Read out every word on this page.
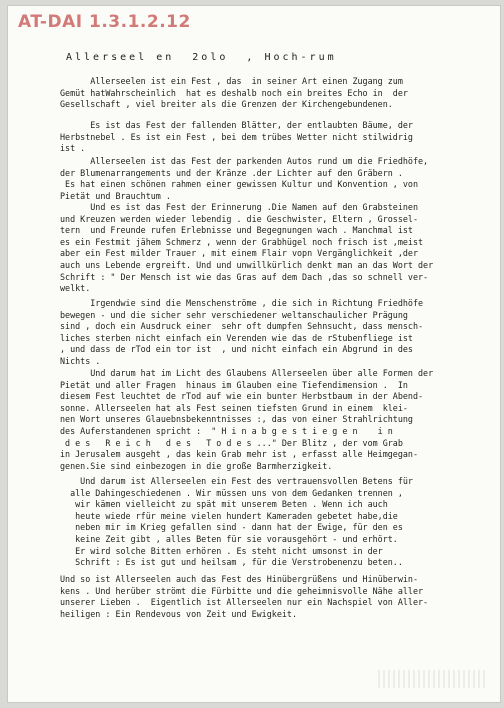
AT-DAI 1.3.1.2.12
Allerseel en  2olo  , Hoch-rum

Allerseelen ist ein Fest , das  in seiner Art einen Zugang zum
Gemüt hatWahrscheinlich  hat es deshalb noch ein breites Echo in  der
Gesellschaft , viel breiter als die Grenzen der Kirchengebundenen.

Es ist das Fest der fallenden Blätter, der entlaubten Bäume, der
Herbstnebel . Es ist ein Fest , bei dem trübes Wetter nicht stilwidrig
ist .

Allerseelen ist das Fest der parkenden Autos rund um die Friedhöfe,
der Blumenarrangements und der Kränze .der Lichter auf den Gräbern .
Es hat einen schönen rahmen einer gewissen Kultur und Konvention , von
Pietät und Brauchtum .

Und es ist das Fest der Erinnerung .Die Namen auf den Grabsteinen
und Kreuzen werden wieder lebendig . die Geschwister, Eltern , Grossel-
tern  und Freunde rufen Erlebnisse und Begegnungen wach . Manchmal ist
es ein Festmit jähem Schmerz , wenn der Grabhügel noch frisch ist ,meist
aber ein Fest milder Trauer , mit einem Flair vopn Vergänglichkeit ,der
auch uns Lebende ergreift. Und und unwillkürlich denkt man an das Wort der
Schrift : " Der Mensch ist wie das Gras auf dem Dach ,das so schnell ver-
welkt.

Irgendwie sind die Menschenströme , die sich in Richtung Friedhöfe
bewegen - und die sicher sehr verschiedener weltanschaulicher Prägung
sind , doch ein Ausdruck einer  sehr oft dumpfen Sehnsucht, dass mensch-
liches sterben nicht einfach ein Verenden wie das de rStubenfliege ist
, und dass de rTod ein tor ist  , und nicht einfach ein Abgrund in des
Nichts .

Und darum hat im Licht des Glaubens Allerseelen über alle Formen der
Pietät und aller Fragen  hinaus im Glauben eine Tiefendimension .  In
diesem Fest leuchtet de rTod auf wie ein bunter Herbstbaum in der Abend-
sonne. Allerseelen hat als Fest seinen tiefsten Grund in einem  klei-
nen Wort unseres Glauebnsbekenntnisses :, das von einer Strahlrichtung
des Auferstandenen spricht :  " H i n a b g e s t i e g e n    i n
d e s   R e i c h   d e s   T o d e s ..." Der Blitz , der vom Grab
in Jerusalem ausgeht , das kein Grab mehr ist , erfasst alle Heimgegan-
genen.Sie sind einbezogen in die große Barmherzigkeit.

Und darum ist Allerseelen ein Fest des vertrauensvollen Betens für
alle Dahingeschiedenen . Wir müssen uns von dem Gedanken trennen ,
wir kämen vielleicht zu spät mit unserem Beten . Wenn ich auch
heute wiede rfür meine vielen hundert Kameraden gebetet habe,die
neben mir im Krieg gefallen sind - dann hat der Ewige, für den es
keine Zeit gibt , alles Beten für sie vorausgehört - und erhört.
Er wird solche Bitten erhören . Es steht nicht umsonst in der
Schrift : Es ist gut und heilsam , für die Verstrobenenzu beten..

Und so ist Allerseelen auch das Fest des Hinübergrüßens und Hinüberwin-
kens . Und herüber strömt die Fürbitte und die geheimnisvolle Nähe aller
unserer Lieben .  Eigentlich ist Allerseelen nur ein Nachspiel von Aller-
heiligen : Ein Rendevous von Zeit und Ewigkeit.
